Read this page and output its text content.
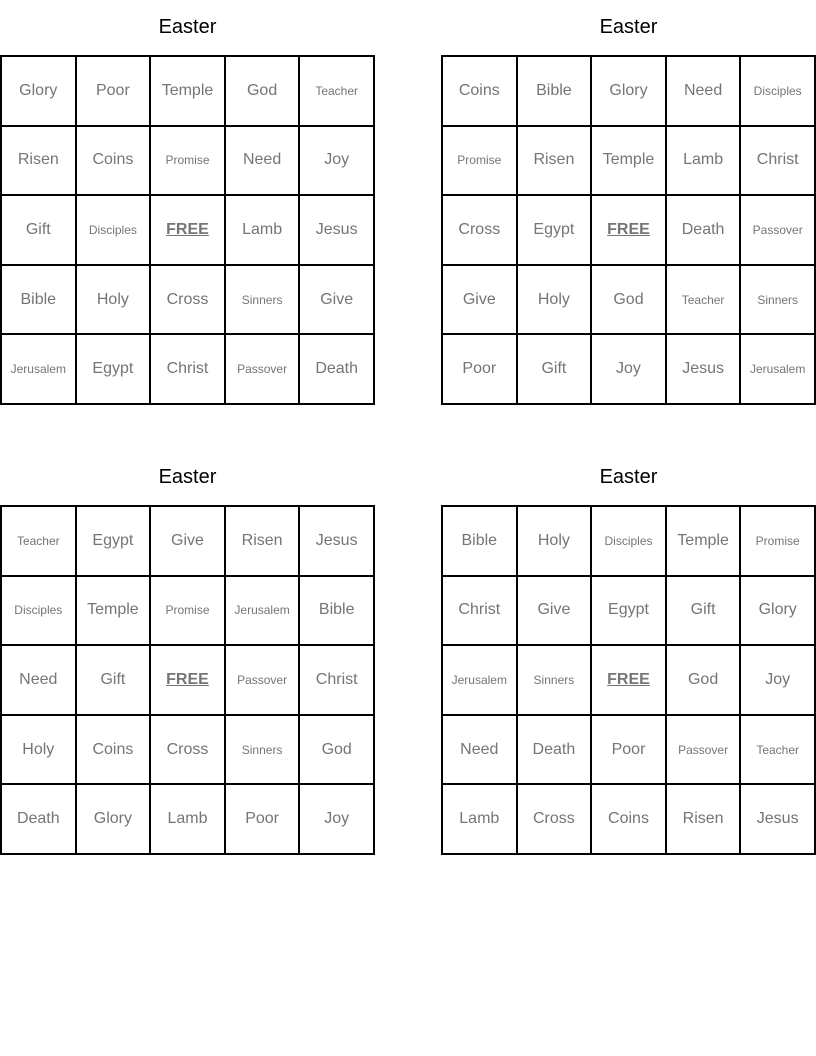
Easter
Glory	Poor	Temple	God	Teacher
Risen	Coins	Promise	Need	Joy
Gift	Disciples	FREE	Lamb	Jesus
Bible	Holy	Cross	Sinners	Give
Jerusalem	Egypt	Christ	Passover	Death
Easter
Coins	Bible	Glory	Need	Disciples
Promise	Risen	Temple	Lamb	Christ
Cross	Egypt	FREE	Death	Passover
Give	Holy	God	Teacher	Sinners
Poor	Gift	Joy	Jesus	Jerusalem
Easter
Teacher	Egypt	Give	Risen	Jesus
Disciples	Temple	Promise	Jerusalem	Bible
Need	Gift	FREE	Passover	Christ
Holy	Coins	Cross	Sinners	God
Death	Glory	Lamb	Poor	Joy
Easter
Bible	Holy	Disciples	Temple	Promise
Christ	Give	Egypt	Gift	Glory
Jerusalem	Sinners	FREE	God	Joy
Need	Death	Poor	Passover	Teacher
Lamb	Cross	Coins	Risen	Jesus
